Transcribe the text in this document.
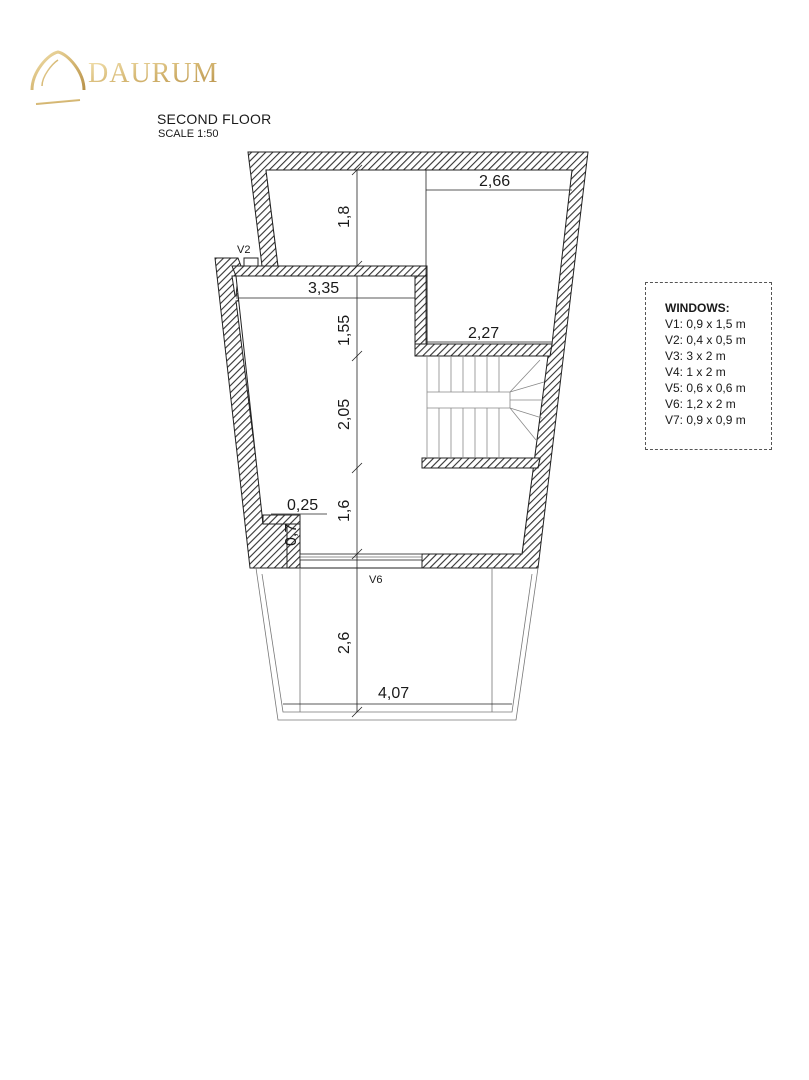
DAURUM
SECOND FLOOR
SCALE 1:50
V2
V6
1,8
2,66
3,35
1,55	2,27
2,05
0,25 1,6
0,7
2,6
4,07
WINDOWS:
V1: 0,9 x 1,5 m
V2: 0,4 x 0,5 m
V3: 3 x 2 m
V4: 1 x 2 m
V5: 0,6 x 0,6 m
V6: 1,2 x 2 m
V7: 0,9 x 0,9 m
